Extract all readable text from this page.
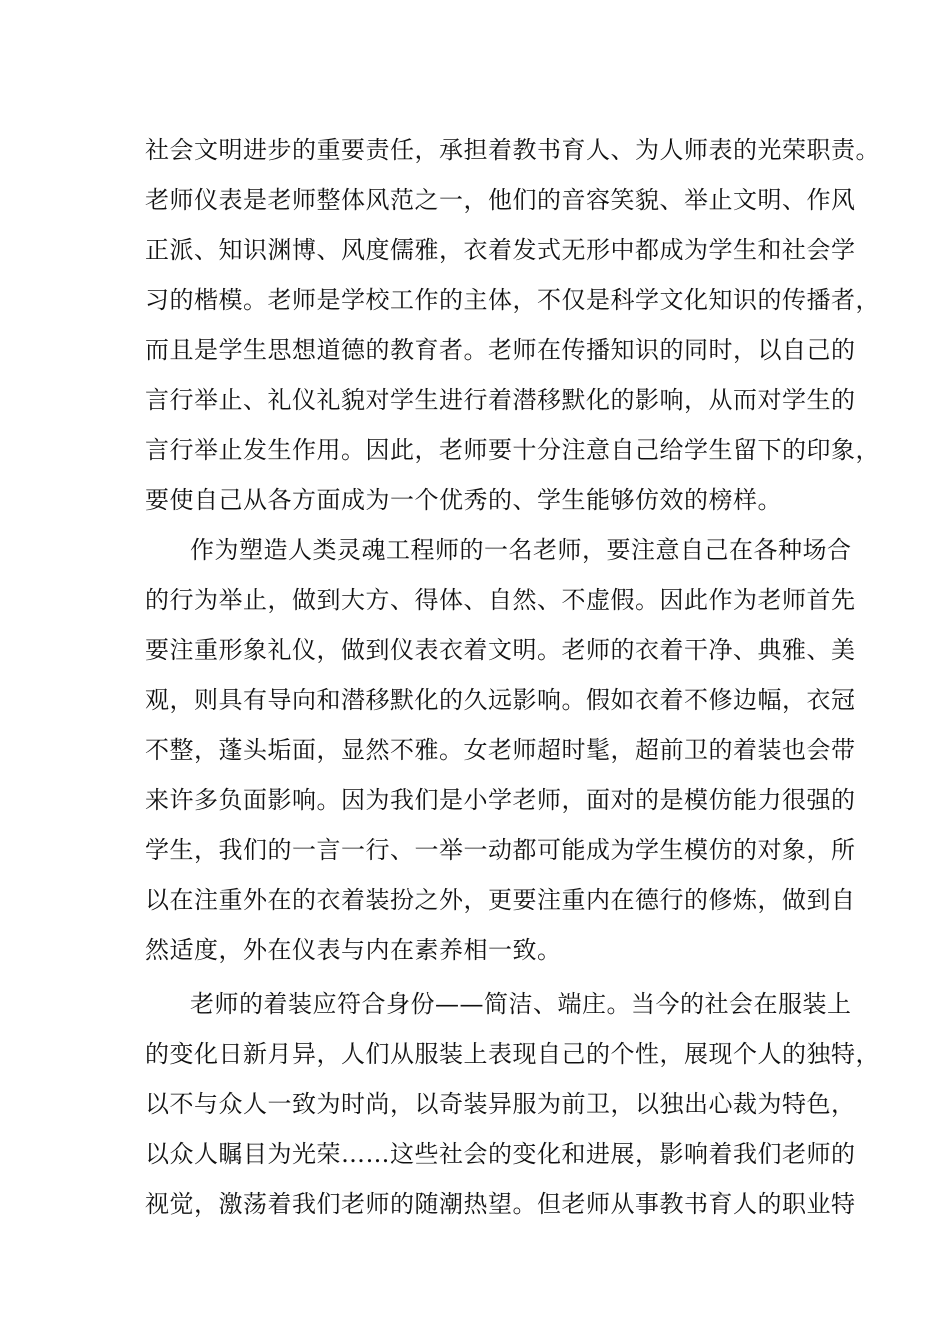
社会文明进步的重要责任，承担着教书育人、为人师表的光荣职责。
老师仪表是老师整体风范之一，他们的音容笑貌、举止文明、作风
正派、知识渊博、风度儒雅，衣着发式无形中都成为学生和社会学
习的楷模。老师是学校工作的主体，不仅是科学文化知识的传播者，
而且是学生思想道德的教育者。老师在传播知识的同时，以自己的
言行举止、礼仪礼貌对学生进行着潜移默化的影响，从而对学生的
言行举止发生作用。因此，老师要十分注意自己给学生留下的印象，
要使自己从各方面成为一个优秀的、学生能够仿效的榜样。
作为塑造人类灵魂工程师的一名老师，要注意自己在各种场合
的行为举止，做到大方、得体、自然、不虚假。因此作为老师首先
要注重形象礼仪，做到仪表衣着文明。老师的衣着干净、典雅、美
观，则具有导向和潜移默化的久远影响。假如衣着不修边幅，衣冠
不整，蓬头垢面，显然不雅。女老师超时髦，超前卫的着装也会带
来许多负面影响。因为我们是小学老师，面对的是模仿能力很强的
学生，我们的一言一行、一举一动都可能成为学生模仿的对象，所
以在注重外在的衣着装扮之外，更要注重内在德行的修炼，做到自
然适度，外在仪表与内在素养相一致。
老师的着装应符合身份——简洁、端庄。当今的社会在服装上
的变化日新月异，人们从服装上表现自己的个性，展现个人的独特，
以不与众人一致为时尚，以奇装异服为前卫，以独出心裁为特色，
以众人瞩目为光荣……这些社会的变化和进展，影响着我们老师的
视觉，激荡着我们老师的随潮热望。但老师从事教书育人的职业特
